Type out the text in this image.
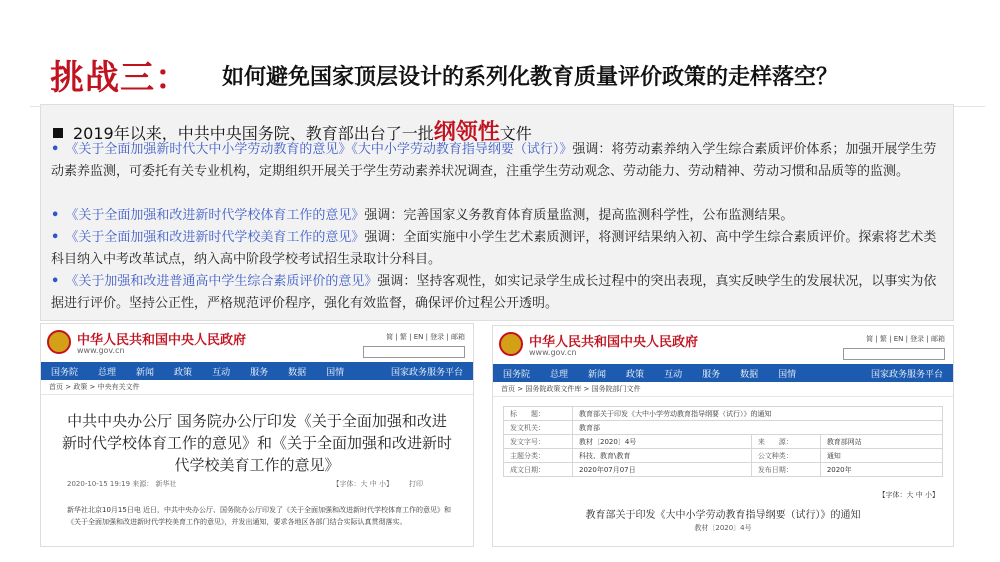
挑战三： 如何避免国家顶层设计的系列化教育质量评价政策的走样落空？
2019年以来，中共中央国务院、教育部出台了一批纲领性文件
• 《关于全面加强新时代大中小学劳动教育的意见》《大中小学劳动教育指导纲要（试行）》强调：将劳动素养纳入学生综合素质评价体系；加强开展学生劳动素养监测，可委托有关专业机构，定期组织开展关于学生劳动素养状况调查，注重学生劳动观念、劳动能力、劳动精神、劳动习惯和品质等的监测。
• 《关于全面加强和改进新时代学校体育工作的意见》强调：完善国家义务教育体育质量监测，提高监测科学性，公布监测结果。
• 《关于全面加强和改进新时代学校美育工作的意见》强调：全面实施中小学生艺术素质测评，将测评结果纳入初、高中学生综合素质评价。探索将艺术类科目纳入中考改革试点，纳入高中阶段学校考试招生录取计分科目。
• 《关于加强和改进普通高中学生综合素质评价的意见》强调：坚持客观性，如实记录学生成长过程中的突出表现，真实反映学生的发展状况，以事实为依据进行评价。坚持公正性，严格规范评价程序，强化有效监督，确保评价过程公开透明。
中华人民共和国中央人民政府
www.gov.cn
简 | 繁 | EN | 登录 | 邮箱
国务院	总理	新闻	政策	互动	服务	数据	国情	国家政务服务平台
首页 > 政策 > 中央有关文件
中共中央办公厅 国务院办公厅印发《关于全面加强和改进新时代学校体育工作的意见》和《关于全面加强和改进新时代学校美育工作的意见》
2020-10-15 19:19 来源： 新华社	【字体：大 中 小】 打印
新华社北京10月15日电 近日，中共中央办公厅、国务院办公厅印发了《关于全面加强和改进新时代学校体育工作的意见》和《关于全面加强和改进新时代学校美育工作的意见》，并发出通知，要求各地区各部门结合实际认真贯彻落实。
中华人民共和国中央人民政府
www.gov.cn
简 | 繁 | EN | 登录 | 邮箱
国务院	总理	新闻	政策	互动	服务	数据	国情	国家政务服务平台
首页 > 国务院政策文件库 > 国务院部门文件
标　　题：	教育部关于印发《大中小学劳动教育指导纲要（试行）》的通知		
发文机关：	教育部		
发文字号：	教材〔2020〕4号	来　　源：	教育部网站
主题分类：	科技、教育\教育	公文种类：	通知
成文日期：	2020年07月07日	发布日期：	2020年
【字体：大 中 小】
教育部关于印发《大中小学劳动教育指导纲要（试行）》的通知
教材〔2020〕4号
